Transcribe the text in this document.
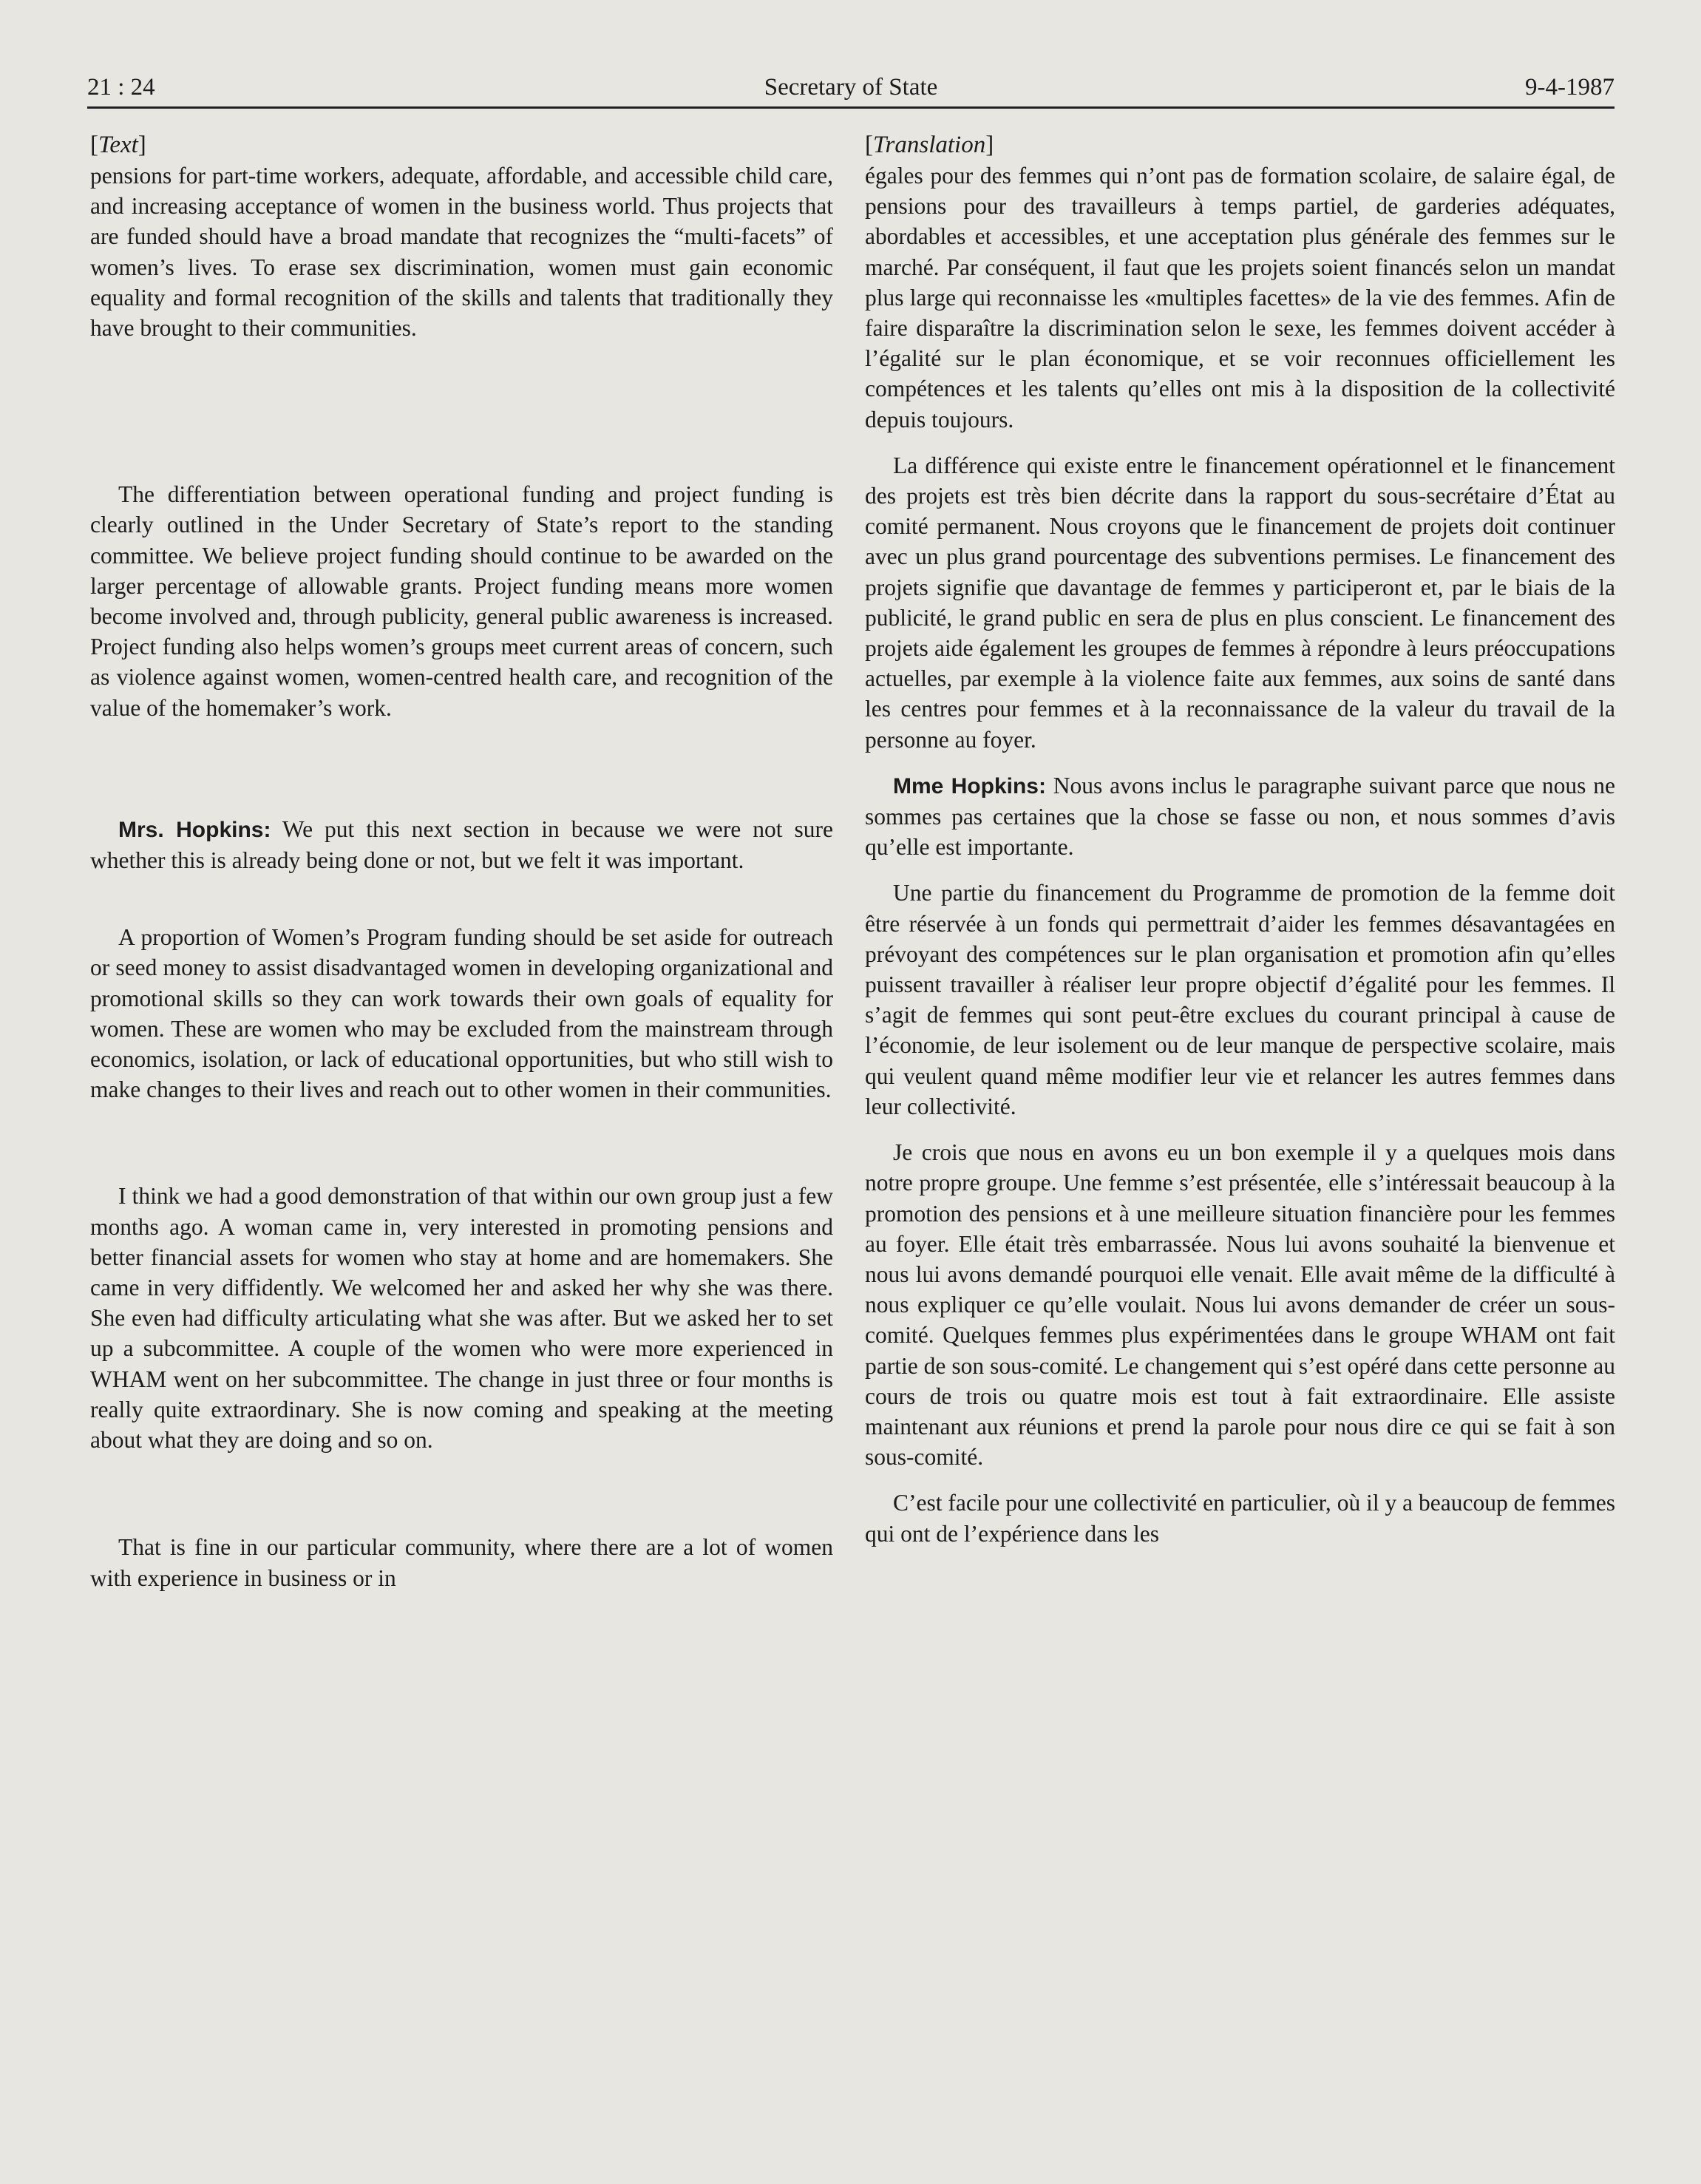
21 : 24	Secretary of State	9-4-1987
[Text]

pensions for part-time workers, adequate, affordable, and accessible child care, and increasing acceptance of women in the business world. Thus projects that are funded should have a broad mandate that recognizes the “multi-facets” of women’s lives. To erase sex discrimination, women must gain economic equality and formal recognition of the skills and talents that traditionally they have brought to their communities.

The differentiation between operational funding and project funding is clearly outlined in the Under Secretary of State’s report to the standing committee. We believe project funding should continue to be awarded on the larger percentage of allowable grants. Project funding means more women become involved and, through publicity, general public awareness is increased. Project funding also helps women’s groups meet current areas of concern, such as violence against women, women-centred health care, and recognition of the value of the homemaker’s work.

Mrs. Hopkins: We put this next section in because we were not sure whether this is already being done or not, but we felt it was important.

A proportion of Women’s Program funding should be set aside for outreach or seed money to assist disadvantaged women in developing organizational and promotional skills so they can work towards their own goals of equality for women. These are women who may be excluded from the mainstream through economics, isolation, or lack of educational opportunities, but who still wish to make changes to their lives and reach out to other women in their communities.

I think we had a good demonstration of that within our own group just a few months ago. A woman came in, very interested in promoting pensions and better financial assets for women who stay at home and are homemakers. She came in very diffidently. We welcomed her and asked her why she was there. She even had difficulty articulating what she was after. But we asked her to set up a subcommittee. A couple of the women who were more experienced in WHAM went on her subcommittee. The change in just three or four months is really quite extraordinary. She is now coming and speaking at the meeting about what they are doing and so on.

That is fine in our particular community, where there are a lot of women with experience in business or in

[Translation]

égales pour des femmes qui n’ont pas de formation scolaire, de salaire égal, de pensions pour des travailleurs à temps partiel, de garderies adéquates, abordables et accessibles, et une acceptation plus générale des femmes sur le marché. Par conséquent, il faut que les projets soient financés selon un mandat plus large qui reconnaisse les «multiples facettes» de la vie des femmes. Afin de faire disparaître la discrimination selon le sexe, les femmes doivent accéder à l’égalité sur le plan économique, et se voir reconnues officiellement les compétences et les talents qu’elles ont mis à la disposition de la collectivité depuis toujours.

La différence qui existe entre le financement opérationnel et le financement des projets est très bien décrite dans la rapport du sous-secrétaire d’État au comité permanent. Nous croyons que le financement de projets doit continuer avec un plus grand pourcentage des subventions permises. Le financement des projets signifie que davantage de femmes y participeront et, par le biais de la publicité, le grand public en sera de plus en plus conscient. Le financement des projets aide également les groupes de femmes à répondre à leurs préoccupations actuelles, par exemple à la violence faite aux femmes, aux soins de santé dans les centres pour femmes et à la reconnaissance de la valeur du travail de la personne au foyer.

Mme Hopkins: Nous avons inclus le paragraphe suivant parce que nous ne sommes pas certaines que la chose se fasse ou non, et nous sommes d’avis qu’elle est importante.

Une partie du financement du Programme de promotion de la femme doit être réservée à un fonds qui permettrait d’aider les femmes désavantagées en prévoyant des compétences sur le plan organisation et promotion afin qu’elles puissent travailler à réaliser leur propre objectif d’égalité pour les femmes. Il s’agit de femmes qui sont peut-être exclues du courant principal à cause de l’économie, de leur isolement ou de leur manque de perspective scolaire, mais qui veulent quand même modifier leur vie et relancer les autres femmes dans leur collectivité.

Je crois que nous en avons eu un bon exemple il y a quelques mois dans notre propre groupe. Une femme s’est présentée, elle s’intéressait beaucoup à la promotion des pensions et à une meilleure situation financière pour les femmes au foyer. Elle était très embarrassée. Nous lui avons souhaité la bienvenue et nous lui avons demandé pourquoi elle venait. Elle avait même de la difficulté à nous expliquer ce qu’elle voulait. Nous lui avons demander de créer un sous-comité. Quelques femmes plus expérimentées dans le groupe WHAM ont fait partie de son sous-comité. Le changement qui s’est opéré dans cette personne au cours de trois ou quatre mois est tout à fait extraordinaire. Elle assiste maintenant aux réunions et prend la parole pour nous dire ce qui se fait à son sous-comité.

C’est facile pour une collectivité en particulier, où il y a beaucoup de femmes qui ont de l’expérience dans les
